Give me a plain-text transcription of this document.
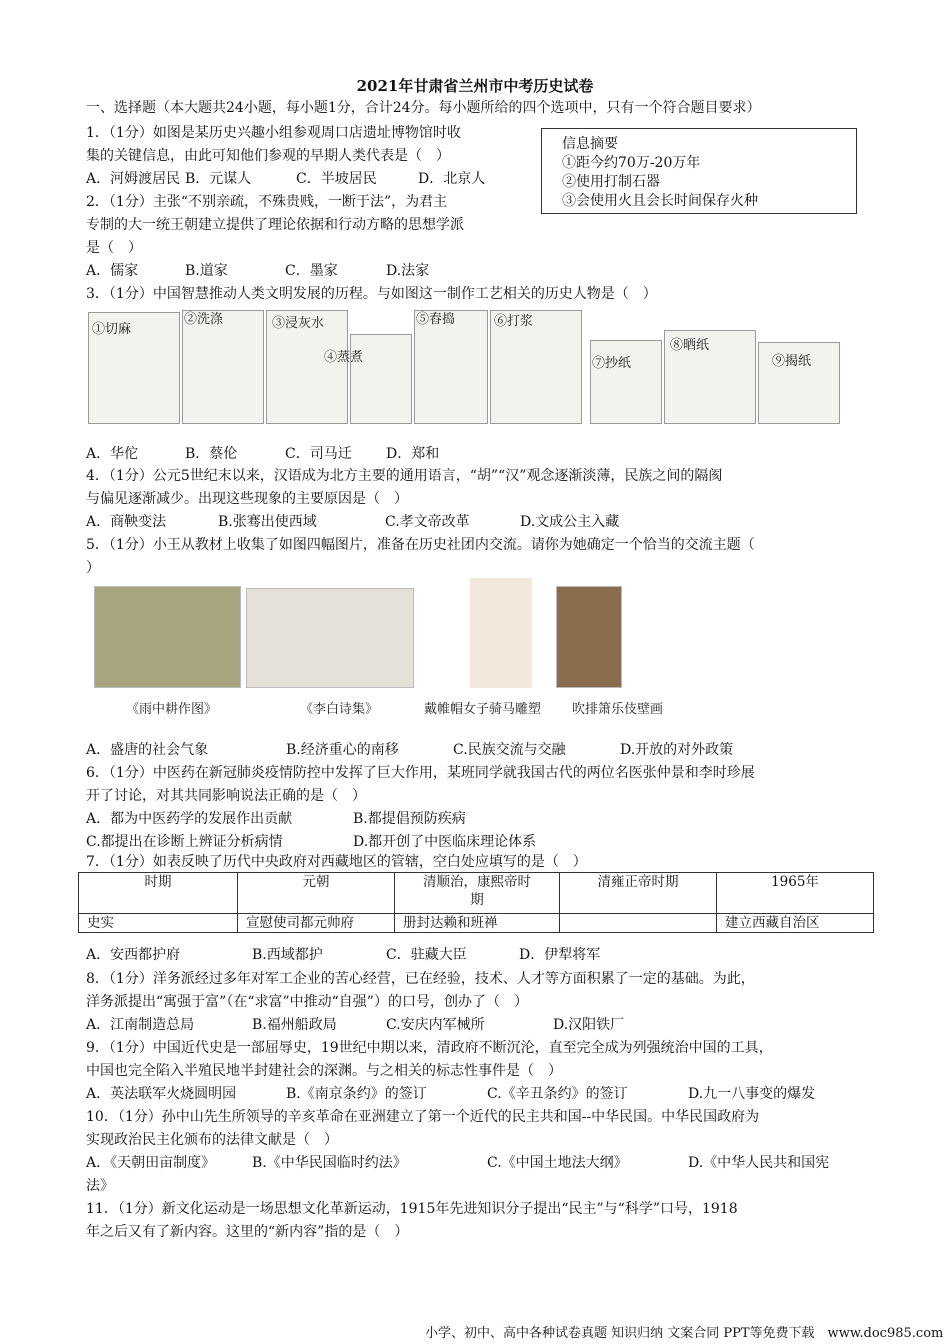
2021年甘肃省兰州市中考历史试卷
一、选择题（本大题共24小题，每小题1分，合计24分。每小题所给的四个选项中，只有一个符合题目要求）
1．（1分）如图是某历史兴趣小组参观周口店遗址博物馆时收
集的关键信息，由此可知他们参观的早期人类代表是（　）
A．河姆渡居民 B．元谋人	C．半坡居民	D．北京人
信息摘要
①距今约70万-20万年
②使用打制石器
③会使用火且会长时间保存火种
2．（1分）主张“不别亲疏，不殊贵贱，一断于法”，为君主
专制的大一统王朝建立提供了理论依据和行动方略的思想学派
是（　）
A．儒家	B.道家	C．墨家	D.法家
3．（1分）中国智慧推动人类文明发展的历程。与如图这一制作工艺相关的历史人物是（　）
①切麻
②洗涤	③浸灰水
④蒸煮
⑤舂捣	⑥打浆
⑦抄纸
⑧晒纸
⑨揭纸
A．华佗	B．蔡伦	C．司马迁 D．郑和
4．（1分）公元5世纪末以来，汉语成为北方主要的通用语言，“胡”“汉”观念逐渐淡薄，民族之间的隔阂
与偏见逐渐减少。出现这些现象的主要原因是（　）
A．商鞅变法	B.张骞出使西域	C.孝文帝改革	D.文成公主入藏
5．（1分）小王从教材上收集了如图四幅图片，准备在历史社团内交流。请你为她确定一个恰当的交流主题（
）
《雨中耕作图》	《李白诗集》	戴帷帽女子骑马雕塑 吹排箫乐伎壁画
A．盛唐的社会气象	B.经济重心的南移	C.民族交流与交融	D.开放的对外政策
6．（1分）中医药在新冠肺炎疫情防控中发挥了巨大作用，某班同学就我国古代的两位名医张仲景和李时珍展
开了讨论，对其共同影响说法正确的是（　）
A．都为中医药学的发展作出贡献	B.都提倡预防疾病
C.都提出在诊断上辨证分析病情	D.都开创了中医临床理论体系
7．（1分）如表反映了历代中央政府对西藏地区的管辖，空白处应填写的是（　）
时期	元朝	清顺治，康熙帝时
期	清雍正帝时期	1965年
史实	宣慰使司都元帅府	册封达赖和班禅		建立西藏自治区
A．安西都护府	B.西域都护	C．驻藏大臣	D．伊犁将军
8．（1分）洋务派经过多年对军工企业的苦心经营，已在经验，技术、人才等方面积累了一定的基础。为此，
洋务派提出“寓强于富”（在“求富”中推动“自强”）的口号，创办了（　）
A．江南制造总局	B.福州船政局	C.安庆内军械所	D.汉阳铁厂
9．（1分）中国近代史是一部屈辱史，19世纪中期以来，清政府不断沉沦，直至完全成为列强统治中国的工具，
中国也完全陷入半殖民地半封建社会的深渊。与之相关的标志性事件是（　）
A．英法联军火烧圆明园	B.《南京条约》的签订	C.《辛丑条约》的签订	D.九一八事变的爆发
10．（1分）孙中山先生所领导的辛亥革命在亚洲建立了第一个近代的民主共和国--中华民国。中华民国政府为
实现政治民主化颁布的法律文献是（　）
A．《天朝田亩制度》	B.《中华民国临时约法》	C.《中国土地法大纲》	D.《中华人民共和国宪
法》
11．（1分）新文化运动是一场思想文化革新运动，1915年先进知识分子提出“民主”与“科学”口号，1918
年之后又有了新内容。这里的“新内容”指的是（　）
小学、初中、高中各种试卷真题 知识归纳 文案合同 PPT等免费下载　www.doc985.com
